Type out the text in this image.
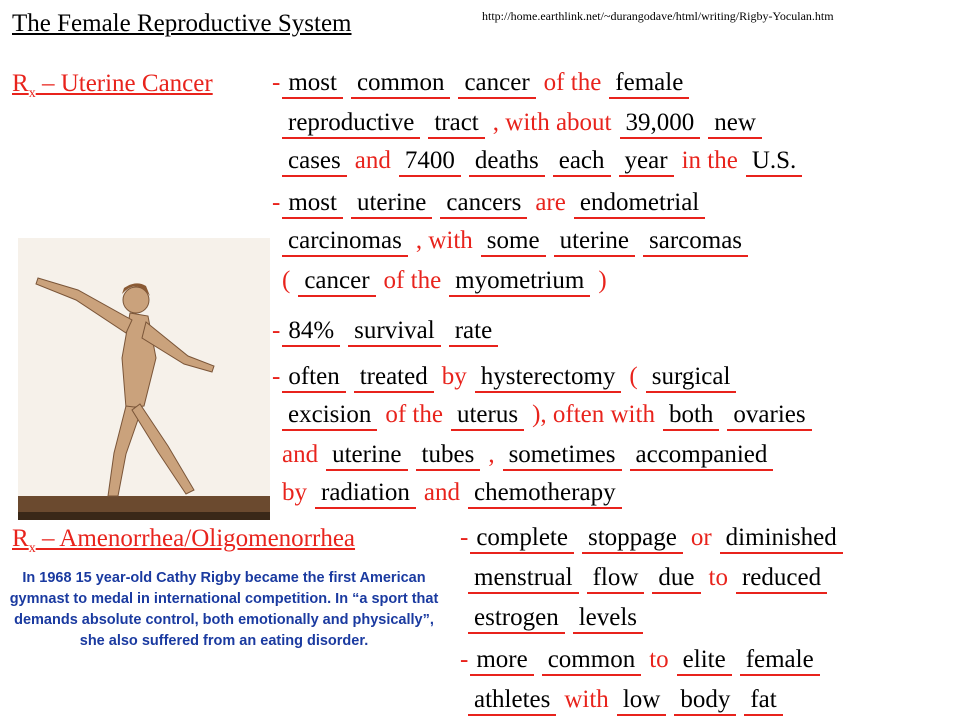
The Female Reproductive System	http://home.earthlink.net/~durangodave/html/writing/Rigby-Yoculan.htm
$R_x$ – Uterine Cancer - most common cancer of the female
reproductive tract , with about 39,000 new
cases and 7400 deaths each year in the U.S.
- most uterine cancers are endometrial
carcinomas , with some uterine sarcomas
( cancer of the myometrium )
- 84% survival rate
- often treated by hysterectomy ( surgical
excision of the uterus ), often with both ovaries
and uterine tubes , sometimes accompanied
by radiation and chemotherapy
$R_x$ – Amenorrhea/Oligomenorrhea	- complete stoppage or diminished
menstrual flow due to reduced
estrogen levels
- more common to elite female
athletes with low body fat
In 1968 15 year-old Cathy Rigby became the first American gymnast to medal in international competition. In “a sport that demands absolute control, both emotionally and physically”, she also suffered from an eating disorder.
